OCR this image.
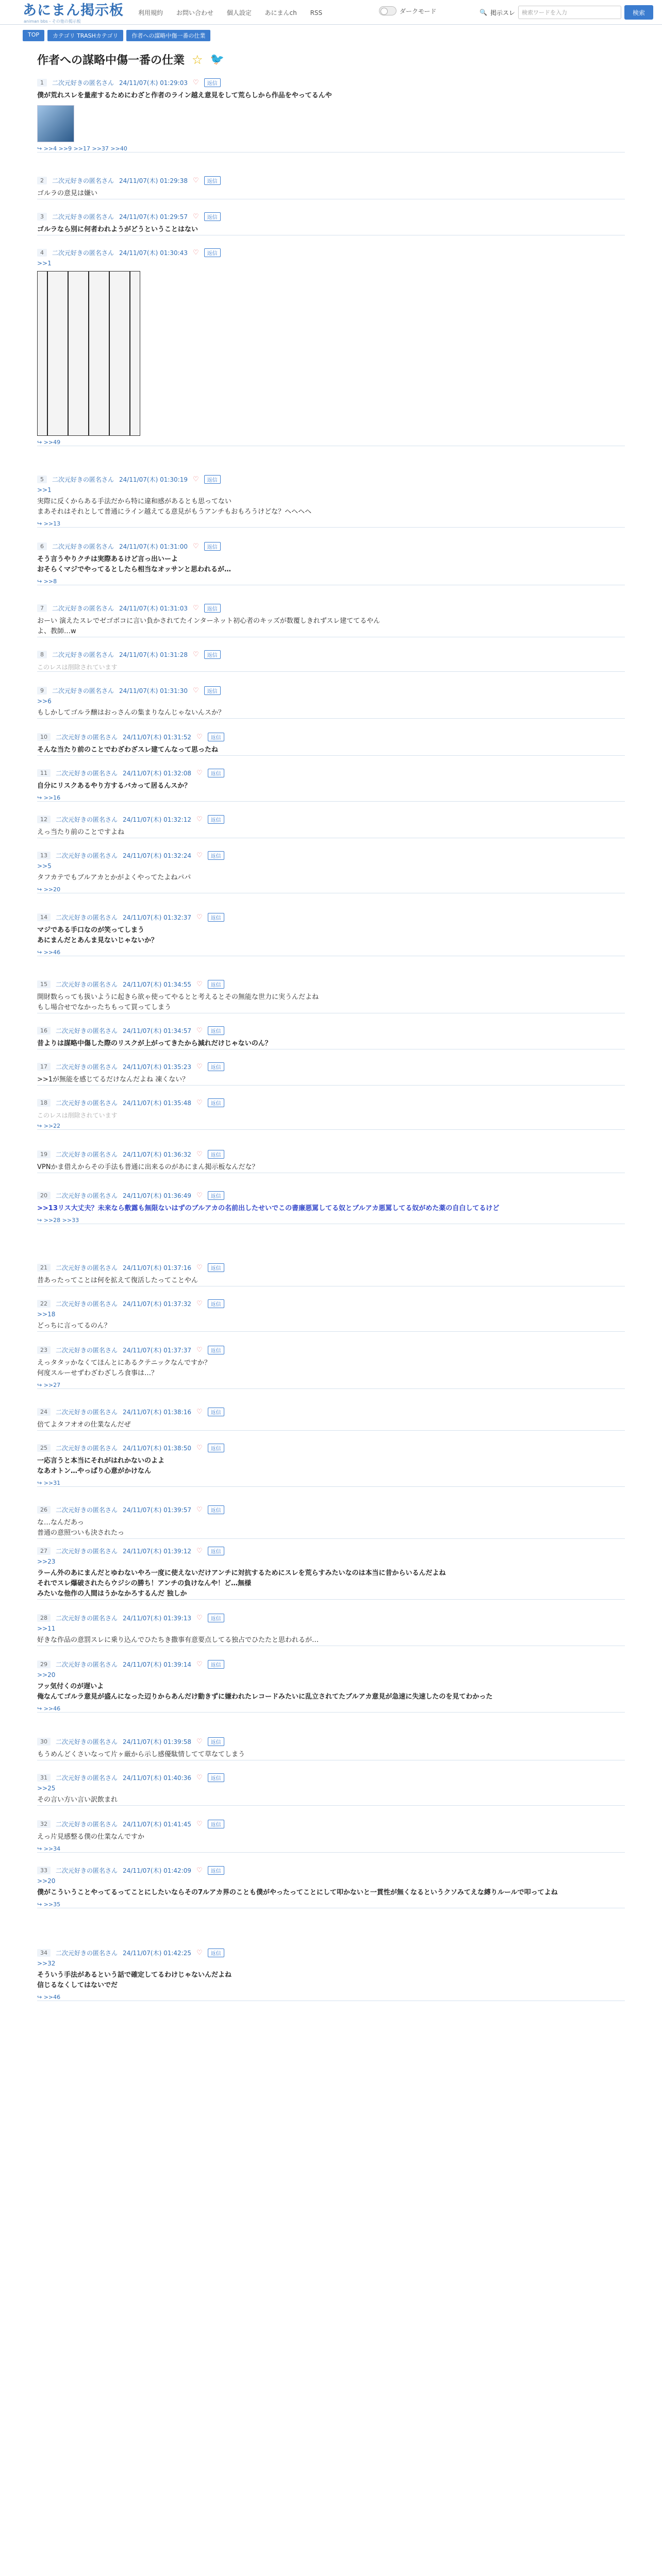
あにまん掲示板
animan bbs - その他の掲示板
利用規約 お問い合わせ 個人設定 あにまんch RSS	ダークモード	🔍 掲示スレ	検索ワードを入力	検索
TOP	カテゴリ TRASHカテゴリ	作者への謀略中傷一番の仕業
作者への謀略中傷一番の仕業 ☆ 🐦
1	二次元好きの匿名さん 24/11/07(木) 01:29:03 ♡	返信
僕が荒れスレを量産するためにわざと作者のライン越え意見をして荒らしから作品をやってるんや
↪ >>4 >>9 >>17 >>37 >>40
2	二次元好きの匿名さん 24/11/07(木) 01:29:38 ♡	返信
ゴルラの意見は嫌い
3	二次元好きの匿名さん 24/11/07(木) 01:29:57 ♡	返信
ゴルラなら別に何者われようがどうということはない
4	二次元好きの匿名さん 24/11/07(木) 01:30:43 ♡	返信
>>1
↪ >>49
5	二次元好きの匿名さん 24/11/07(木) 01:30:19 ♡	返信
>>1
実際に反くからある手法だから特に違和感があるとも思ってない
まあそれはそれとして普通にライン越えてる意見がもうアンチもおもろうけどな？ヘヘヘヘ
↪ >>13
6	二次元好きの匿名さん 24/11/07(木) 01:31:00 ♡	返信
そう言うやりクチは実際あるけど言っ出いーよ
おそらくマジでやってるとしたら相当なオッサンと思われるが…
↪ >>8
7	二次元好きの匿名さん 24/11/07(木) 01:31:03 ♡	返信
おーい 演えたスレでゼゴボコに言い負かされてたインターネット初心者のキッズが数覆しきれずスレ建ててるやん
よ、教師…w
8	二次元好きの匿名さん 24/11/07(木) 01:31:28 ♡	返信
このレスは削除されています
9	二次元好きの匿名さん 24/11/07(木) 01:31:30 ♡	返信
>>6
もしかしてゴルラ醸はおっさんの集まりなんじゃないんスか？
10	二次元好きの匿名さん 24/11/07(木) 01:31:52 ♡	返信
そんな当たり前のことでわざわざスレ建てんなって思ったね
11	二次元好きの匿名さん 24/11/07(木) 01:32:08 ♡	返信
自分にリスクあるやり方するバカって居るんスか？
↪ >>16
12	二次元好きの匿名さん 24/11/07(木) 01:32:12 ♡	返信
えっ当たり前のことですよね
13	二次元好きの匿名さん 24/11/07(木) 01:32:24 ♡	返信
>>5
タフカテでもブルアカとかがよくやってたよねパパ
↪ >>20
14	二次元好きの匿名さん 24/11/07(木) 01:32:37 ♡	返信
マジである手口なのが笑ってしまう
あにまんだとあんま見ないじゃないか？
↪ >>46
15	二次元好きの匿名さん 24/11/07(木) 01:34:55 ♡	返信
開財数らっても扱いように起きら欲ゃ使ってやるとと考えるとその無能な世力に実うんだよね
もし場合せでなかったちもって買ってしまう
16	二次元好きの匿名さん 24/11/07(木) 01:34:57 ♡	返信
昔よりは謀略中傷した際のリスクが上がってきたから減れだけじゃないのん？
17	二次元好きの匿名さん 24/11/07(木) 01:35:23 ♡	返信
>>1が無能を感じてるだけなんだよね 凍くない？
18	二次元好きの匿名さん 24/11/07(木) 01:35:48 ♡	返信
このレスは削除されています
↪ >>22
19	二次元好きの匿名さん 24/11/07(木) 01:36:32 ♡	返信
VPNかま借えからその手法も普通に出来るのがあにまん掲示板なんだな？
20	二次元好きの匿名さん 24/11/07(木) 01:36:49 ♡	返信
>>13リス大丈夫？未来なら敷露も無限ないはずのブルアカの名前出したせいでこの書廉悪罵してる奴とブルアカ悪罵してる奴がめた薬の自白してるけど
↪ >>28 >>33
21	二次元好きの匿名さん 24/11/07(木) 01:37:16 ♡	返信
昔あったってことは何を拡えて復活したってことやん
22	二次元好きの匿名さん 24/11/07(木) 01:37:32 ♡	返信
>>18
どっちに言ってるのん？
23	二次元好きの匿名さん 24/11/07(木) 01:37:37 ♡	返信
えっタタッかなくてほんとにあるクテニックなんですか？
何度スルーせずわざわざしろ食事は…？
↪ >>27
24	二次元好きの匿名さん 24/11/07(木) 01:38:16 ♡	返信
倍てよタフオオの仕業なんだぜ
25	二次元好きの匿名さん 24/11/07(木) 01:38:50 ♡	返信
一応言うと本当にそれがはれかないのよよ
なあオトン…やっぱり心意がかけなん
↪ >>31
26	二次元好きの匿名さん 24/11/07(木) 01:39:57 ♡	返信
な…なんだあっ
普通の意照ついも決されたっ
27	二次元好きの匿名さん 24/11/07(木) 01:39:12 ♡	返信
>>23
ラーん外のあにまんだとゆわないやろ一度に使えないだけアンチに対抗するためにスレを荒らすみたいなのは本当に昔からいるんだよね
それでスレ爆破されたらウジシの勝ち！アンチの負けなんや！ど…無様
みたいな他作の人間はうかなかろするんだ 独しか
28	二次元好きの匿名さん 24/11/07(木) 01:39:13 ♡	返信
>>11
好きな作品の意罰スレに乗り込んでひたちき撒事有意要点してる独占でひたたと思われるが…
29	二次元好きの匿名さん 24/11/07(木) 01:39:14 ♡	返信
>>20
フッ気付くのが遅いよ
俺なんてゴルラ意見が盛んになった辺りからあんだけ動きずに嫌われたレコードみたいに乱立されてたブルアカ意見が急速に失速したのを見てわかった
↪ >>46
30	二次元好きの匿名さん 24/11/07(木) 01:39:58 ♡	返信
もうめんどくさいなって片ヶ厳から示し感優駄情してて草なてしまう
31	二次元好きの匿名さん 24/11/07(木) 01:40:36 ♡	返信
>>25
その言い方い言い訳飲まれ
32	二次元好きの匿名さん 24/11/07(木) 01:41:45 ♡	返信
えっ片見感整る僕の仕業なんですか
↪ >>34
33	二次元好きの匿名さん 24/11/07(木) 01:42:09 ♡	返信
>>20
僕がこういうことやってるってことにしたいならその7ルアカ界のことも僕がやったってことにして叩かないと一貫性が無くなるというクソみてえな縛りルールで叩ってよね
↪ >>35
34	二次元好きの匿名さん 24/11/07(木) 01:42:25 ♡	返信
>>32
そういう手法があるという話で確定してるわけじゃないんだよね
信じるなくしてはないでだ
↪ >>46
